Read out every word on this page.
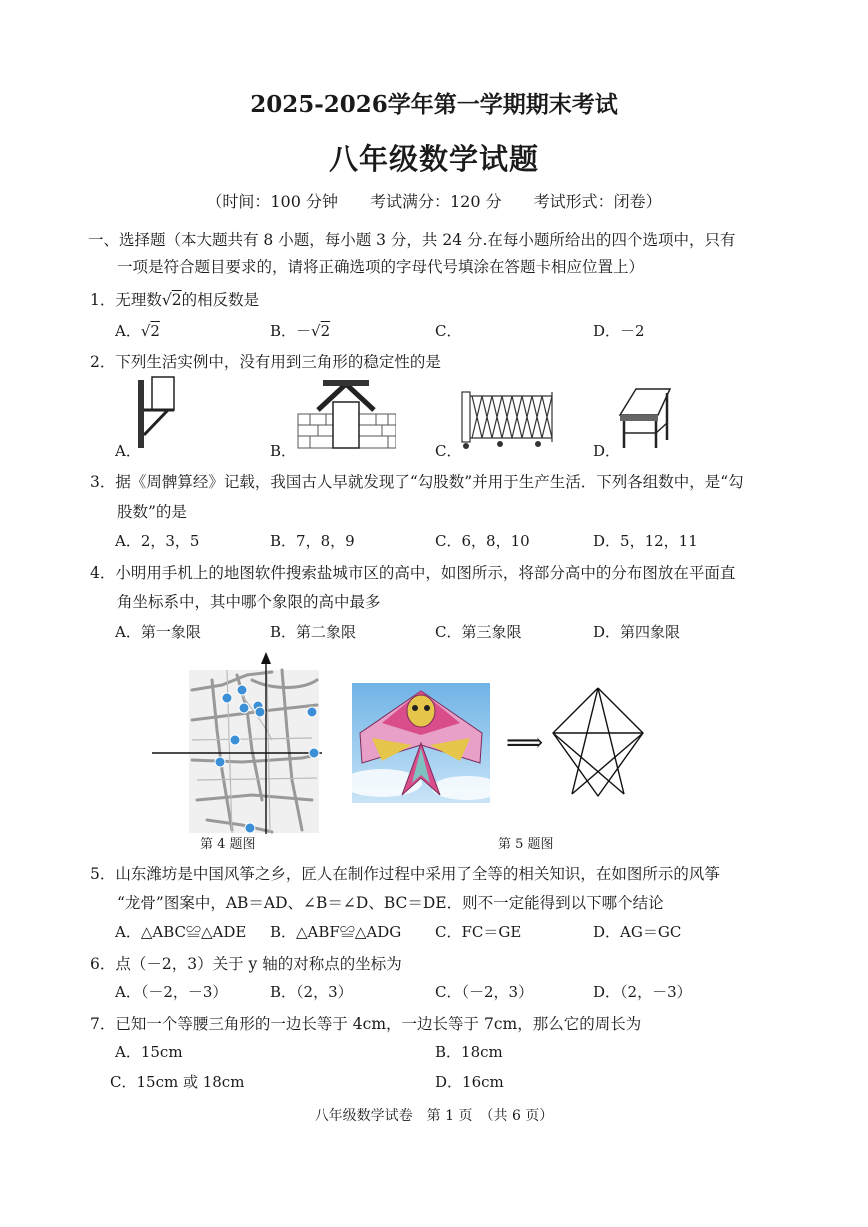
2025-2026学年第一学期期末考试
八年级数学试题
（时间：100 分钟　　考试满分：120 分　　考试形式：闭卷）
一、选择题（本大题共有 8 小题，每小题 3 分，共 24 分.在每小题所给出的四个选项中，只有
一项是符合题目要求的，请将正确选项的字母代号填涂在答题卡相应位置上）
1．无理数√2的相反数是
A．√2	B．－√2	C．	D．－2
2．下列生活实例中，没有用到三角形的稳定性的是
A．	B．	C．	D．
3．据《周髀算经》记载，我国古人早就发现了“勾股数”并用于生产生活．下列各组数中，是“勾
股数”的是
A．2，3，5	B．7，8，9	C．6，8，10	D．5，12，11
4．小明用手机上的地图软件搜索盐城市区的高中，如图所示，将部分高中的分布图放在平面直
角坐标系中，其中哪个象限的高中最多
A．第一象限	B．第二象限	C．第三象限	D．第四象限
第 4 题图
⟹
第 5 题图
5．山东潍坊是中国风筝之乡，匠人在制作过程中采用了全等的相关知识，在如图所示的风筝
“龙骨”图案中，AB＝AD、∠B＝∠D、BC＝DE．则不一定能得到以下哪个结论
A．△ABC≌△ADE B．△ABF≌△ADG C．FC＝GE	D．AG＝GC
6．点（－2，3）关于 y 轴的对称点的坐标为
A．（－2，－3）	B．（2，3）	C．（－2，3）	D．（2，－3）
7．已知一个等腰三角形的一边长等于 4cm，一边长等于 7cm，那么它的周长为
A．15cm	B．18cm
C．15cm 或 18cm	D．16cm
八年级数学试卷　第 1 页　（共 6 页）
